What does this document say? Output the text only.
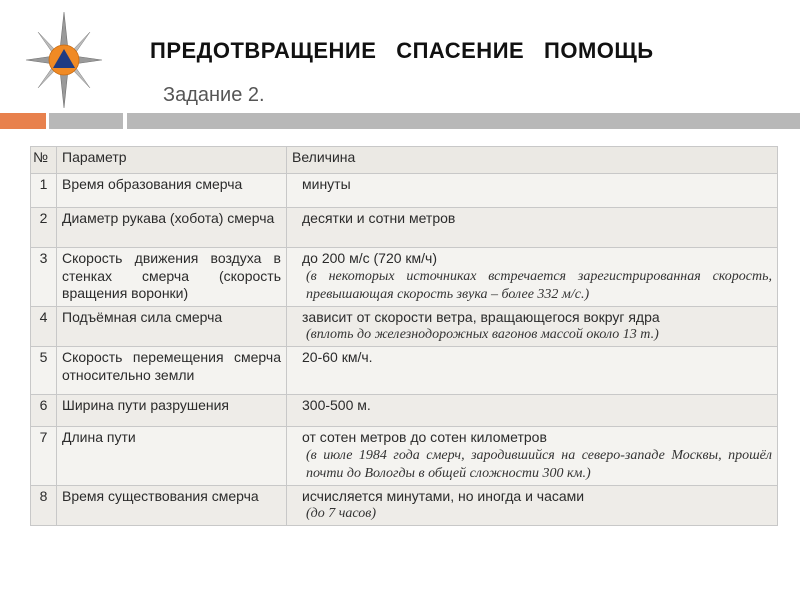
ПРЕДОТВРАЩЕНИЕ   СПАСЕНИЕ   ПОМОЩЬ
Задание 2.
№	Параметр	Величина
1	Время образования смерча	минуты

2	Диаметр рукава (хобота) смерча	десятки и сотни метров

3	Скорость движения воздуха в стенках смерча (скорость вращения воронки)	до 200 м/с (720 км/ч)
(в некоторых источниках встречается зарегистрированная скорость, превышающая скорость звука – более 332 м/с.)

4	Подъёмная сила смерча	зависит от скорости ветра, вращающегося вокруг ядра
(вплоть до железнодорожных вагонов массой около 13 т.)

5	Скорость перемещения смерча относительно земли	20-60 км/ч.

6	Ширина пути разрушения	300-500 м.

7	Длина пути	от сотен метров до сотен километров
(в июле 1984 года смерч, зародившийся на северо-западе Москвы, прошёл почти до Вологды в общей сложности 300 км.)

8	Время существования смерча	исчисляется минутами, но иногда и часами
(до 7 часов)
